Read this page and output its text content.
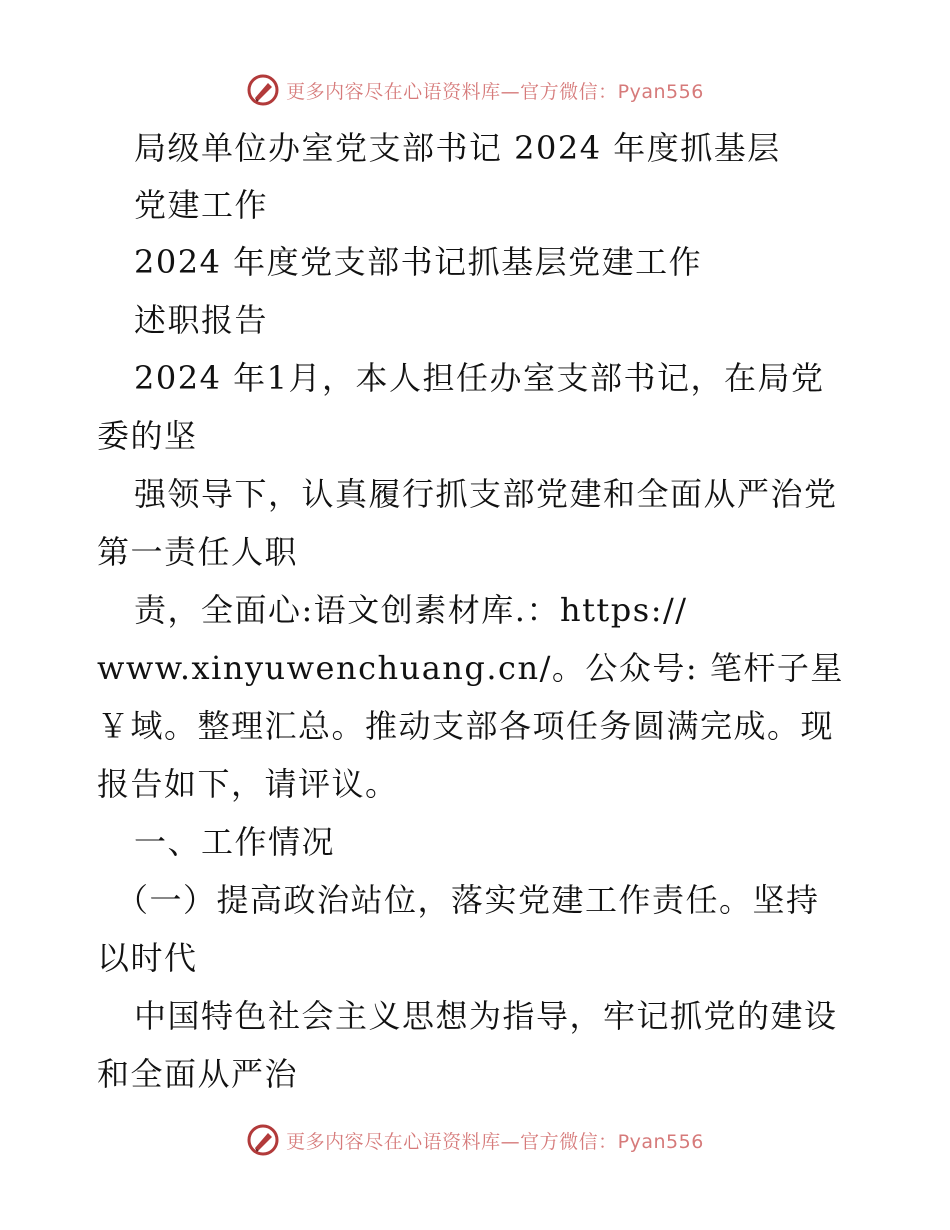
更多内容尽在心语资料库—官方微信：Pyan556
局级单位办室党支部书记 2024 年度抓基层
党建工作
2024 年度党支部书记抓基层党建工作
述职报告
2024 年1月，本人担任办室支部书记，在局党
委的坚
强领导下，认真履行抓支部党建和全面从严治党
第一责任人职
责，全面心:语文创素材库.：https://
www.xinyuwenchuang.cn/。公众号: 笔杆子星
￥域。整理汇总。推动支部各项任务圆满完成。现
报告如下，请评议。
一、工作情况
（一）提高政治站位，落实党建工作责任。坚持
以时代
中国特色社会主义思想为指导，牢记抓党的建设
和全面从严治
更多内容尽在心语资料库—官方微信：Pyan556
